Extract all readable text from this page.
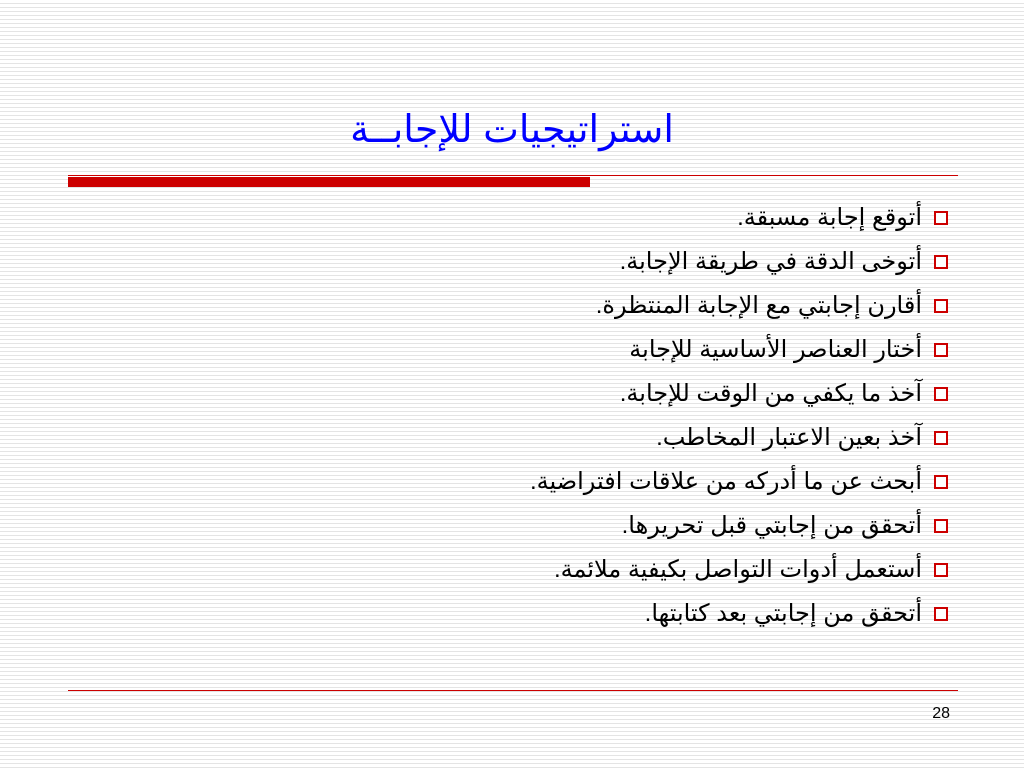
استراتيجيات للإجابــة
أتوقع إجابة مسبقة.
أتوخى الدقة في طريقة الإجابة.
أقارن إجابتي مع الإجابة المنتظرة.
أختار العناصر الأساسية للإجابة
آخذ ما يكفي من الوقت للإجابة.
آخذ بعين الاعتبار المخاطب.
أبحث عن ما أدركه من علاقات افتراضية.
أتحقق من إجابتي قبل تحريرها.
أستعمل أدوات التواصل بكيفية ملائمة.
أتحقق من إجابتي بعد كتابتها.
28
